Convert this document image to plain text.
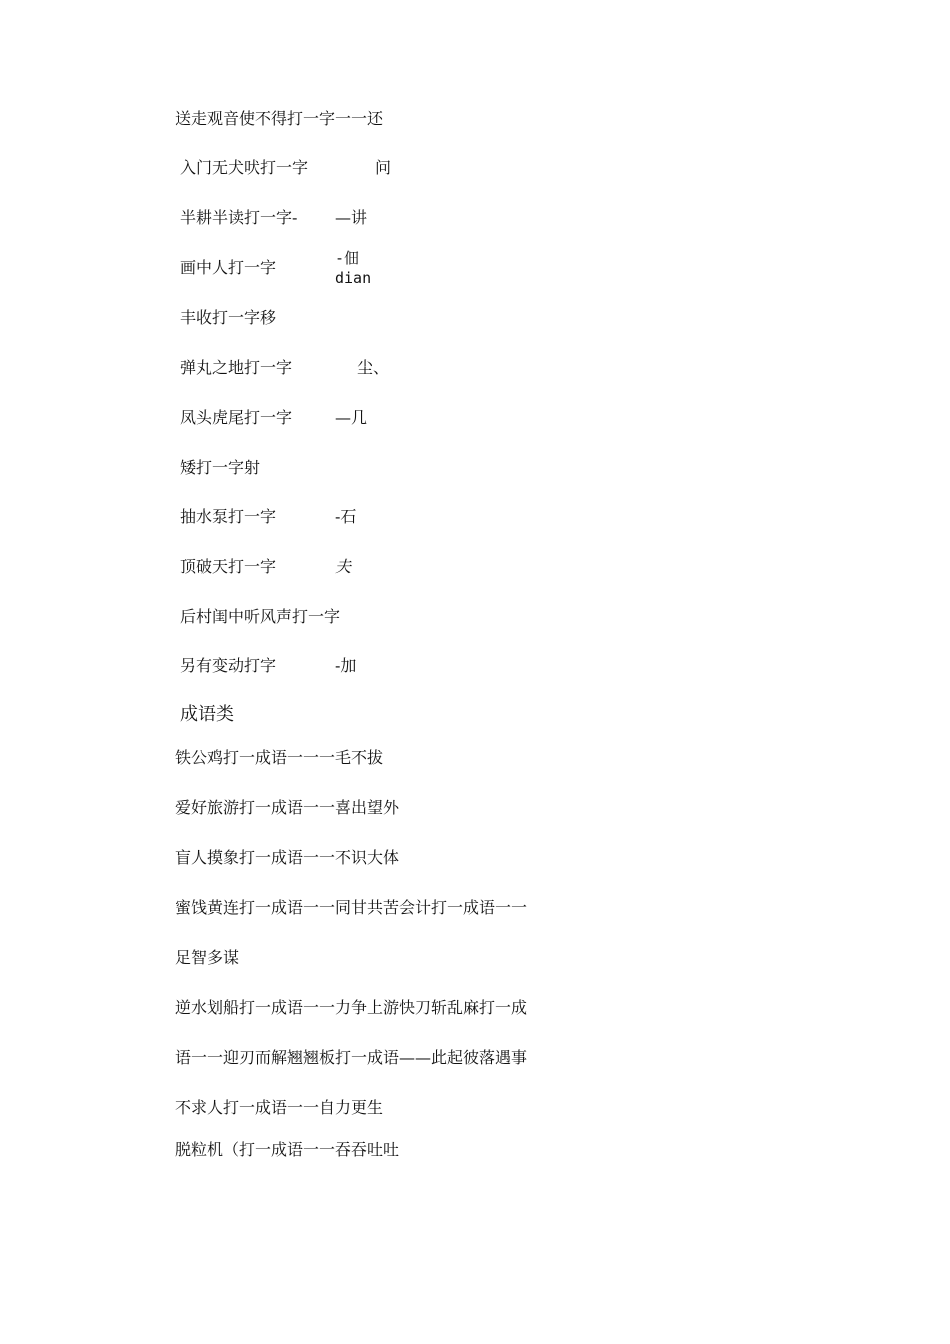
送走观音使不得打一字一一还
入门无犬吠打一字	问
半耕半读打一字- —讲
画中人打一字	-佃
dian
丰收打一字移
弹丸之地打一字	尘、
凤头虎尾打一字	—几
矮打一字射
抽水泵打一字	-石
顶破天打一字	夫
后村闺中听风声打一字
另有变动打字	-加
成语类
铁公鸡打一成语一一一毛不拔
爱好旅游打一成语一一喜出望外
盲人摸象打一成语一一不识大体
蜜饯黄连打一成语一一同甘共苦会计打一成语一一
足智多谋
逆水划船打一成语一一力争上游快刀斩乱麻打一成
语一一迎刃而解翘翘板打一成语——此起彼落遇事
不求人打一成语一一自力更生
脱粒机（打一成语一一吞吞吐吐
